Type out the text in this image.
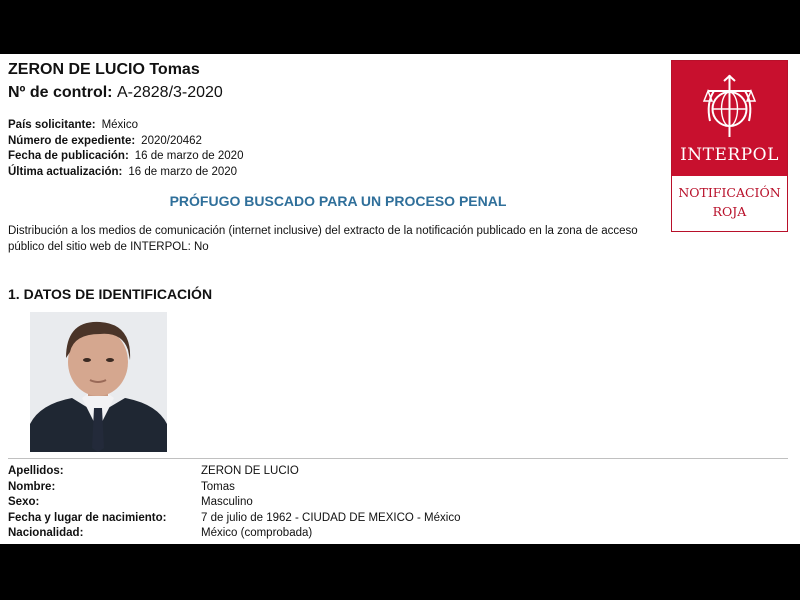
ZERON DE LUCIO Tomas
Nº de control: A-2828/3-2020
País solicitante: México
Número de expediente: 2020/20462
Fecha de publicación: 16 de marzo de 2020
Última actualización: 16 de marzo de 2020
PRÓFUGO BUSCADO PARA UN PROCESO PENAL
Distribución a los medios de comunicación (internet inclusive) del extracto de la notificación publicado en la zona de acceso público del sitio web de INTERPOL: No
1. DATOS DE IDENTIFICACIÓN
INTERPOL
NOTIFICACIÓN
ROJA
Apellidos:	ZERON DE LUCIO
Nombre:	Tomas
Sexo:	Masculino
Fecha y lugar de nacimiento:	7 de julio de 1962 - CIUDAD DE MEXICO - México
Nacionalidad:	México (comprobada)
